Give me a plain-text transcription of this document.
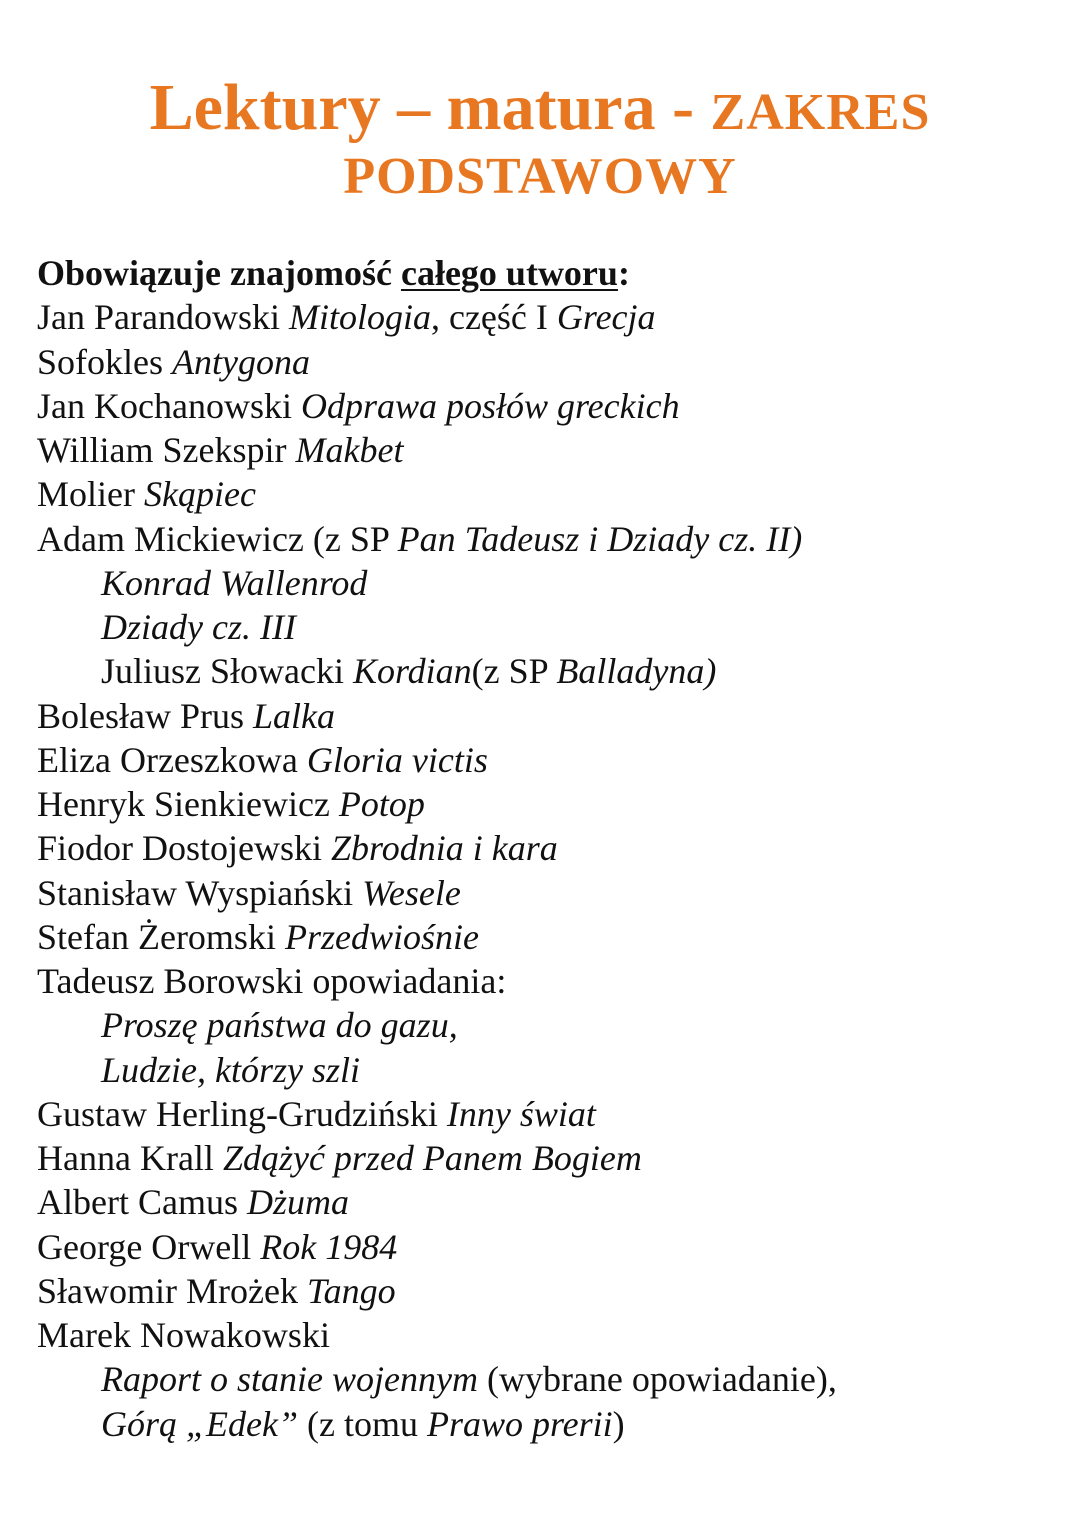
Lektury – matura - ZAKRES
PODSTAWOWY
Obowiązuje znajomość całego utworu:
Jan Parandowski Mitologia, część I Grecja
Sofokles Antygona
Jan Kochanowski Odprawa posłów greckich
William Szekspir Makbet
Molier Skąpiec
Adam Mickiewicz (z SP Pan Tadeusz i Dziady cz. II)
Konrad Wallenrod
Dziady cz. III
Juliusz Słowacki Kordian(z SP Balladyna)
Bolesław Prus Lalka
Eliza Orzeszkowa Gloria victis
Henryk Sienkiewicz Potop
Fiodor Dostojewski Zbrodnia i kara
Stanisław Wyspiański Wesele
Stefan Żeromski Przedwiośnie
Tadeusz Borowski opowiadania:
Proszę państwa do gazu,
Ludzie, którzy szli
Gustaw Herling-Grudziński Inny świat
Hanna Krall Zdążyć przed Panem Bogiem
Albert Camus Dżuma
George Orwell Rok 1984
Sławomir Mrożek Tango
Marek Nowakowski
Raport o stanie wojennym (wybrane opowiadanie),
Górą „Edek” (z tomu Prawo prerii)
